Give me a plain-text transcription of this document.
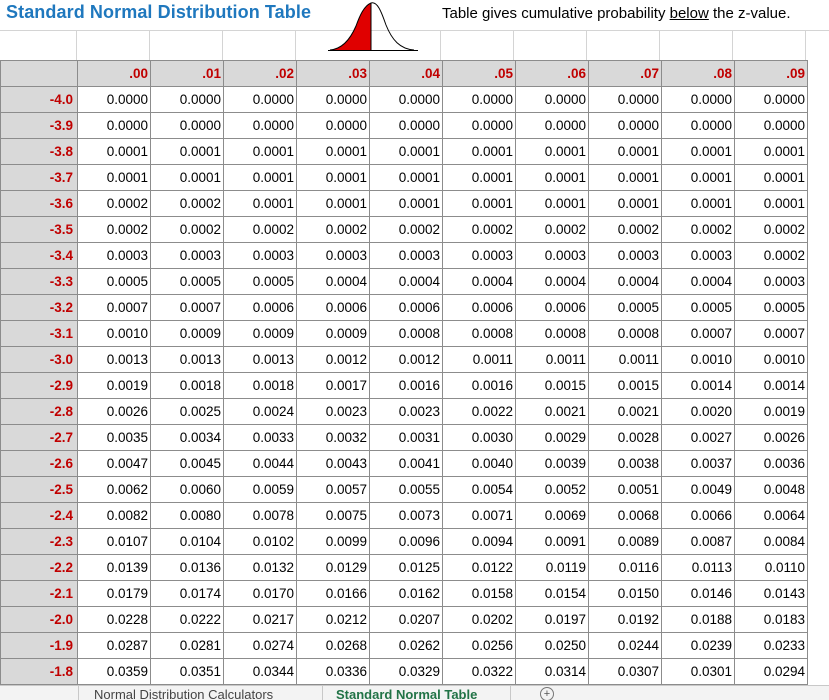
Standard Normal Distribution Table	Table gives cumulative probability below the z-value.
	.00	.01	.02	.03	.04	.05	.06	.07	.08	.09
-4.0	0.0000	0.0000	0.0000	0.0000	0.0000	0.0000	0.0000	0.0000	0.0000	0.0000
-3.9	0.0000	0.0000	0.0000	0.0000	0.0000	0.0000	0.0000	0.0000	0.0000	0.0000
-3.8	0.0001	0.0001	0.0001	0.0001	0.0001	0.0001	0.0001	0.0001	0.0001	0.0001
-3.7	0.0001	0.0001	0.0001	0.0001	0.0001	0.0001	0.0001	0.0001	0.0001	0.0001
-3.6	0.0002	0.0002	0.0001	0.0001	0.0001	0.0001	0.0001	0.0001	0.0001	0.0001
-3.5	0.0002	0.0002	0.0002	0.0002	0.0002	0.0002	0.0002	0.0002	0.0002	0.0002
-3.4	0.0003	0.0003	0.0003	0.0003	0.0003	0.0003	0.0003	0.0003	0.0003	0.0002
-3.3	0.0005	0.0005	0.0005	0.0004	0.0004	0.0004	0.0004	0.0004	0.0004	0.0003
-3.2	0.0007	0.0007	0.0006	0.0006	0.0006	0.0006	0.0006	0.0005	0.0005	0.0005
-3.1	0.0010	0.0009	0.0009	0.0009	0.0008	0.0008	0.0008	0.0008	0.0007	0.0007
-3.0	0.0013	0.0013	0.0013	0.0012	0.0012	0.0011	0.0011	0.0011	0.0010	0.0010
-2.9	0.0019	0.0018	0.0018	0.0017	0.0016	0.0016	0.0015	0.0015	0.0014	0.0014
-2.8	0.0026	0.0025	0.0024	0.0023	0.0023	0.0022	0.0021	0.0021	0.0020	0.0019
-2.7	0.0035	0.0034	0.0033	0.0032	0.0031	0.0030	0.0029	0.0028	0.0027	0.0026
-2.6	0.0047	0.0045	0.0044	0.0043	0.0041	0.0040	0.0039	0.0038	0.0037	0.0036
-2.5	0.0062	0.0060	0.0059	0.0057	0.0055	0.0054	0.0052	0.0051	0.0049	0.0048
-2.4	0.0082	0.0080	0.0078	0.0075	0.0073	0.0071	0.0069	0.0068	0.0066	0.0064
-2.3	0.0107	0.0104	0.0102	0.0099	0.0096	0.0094	0.0091	0.0089	0.0087	0.0084
-2.2	0.0139	0.0136	0.0132	0.0129	0.0125	0.0122	0.0119	0.0116	0.0113	0.0110
-2.1	0.0179	0.0174	0.0170	0.0166	0.0162	0.0158	0.0154	0.0150	0.0146	0.0143
-2.0	0.0228	0.0222	0.0217	0.0212	0.0207	0.0202	0.0197	0.0192	0.0188	0.0183
-1.9	0.0287	0.0281	0.0274	0.0268	0.0262	0.0256	0.0250	0.0244	0.0239	0.0233
-1.8	0.0359	0.0351	0.0344	0.0336	0.0329	0.0322	0.0314	0.0307	0.0301	0.0294
Normal Distribution Calculators	Standard Normal Table	+
